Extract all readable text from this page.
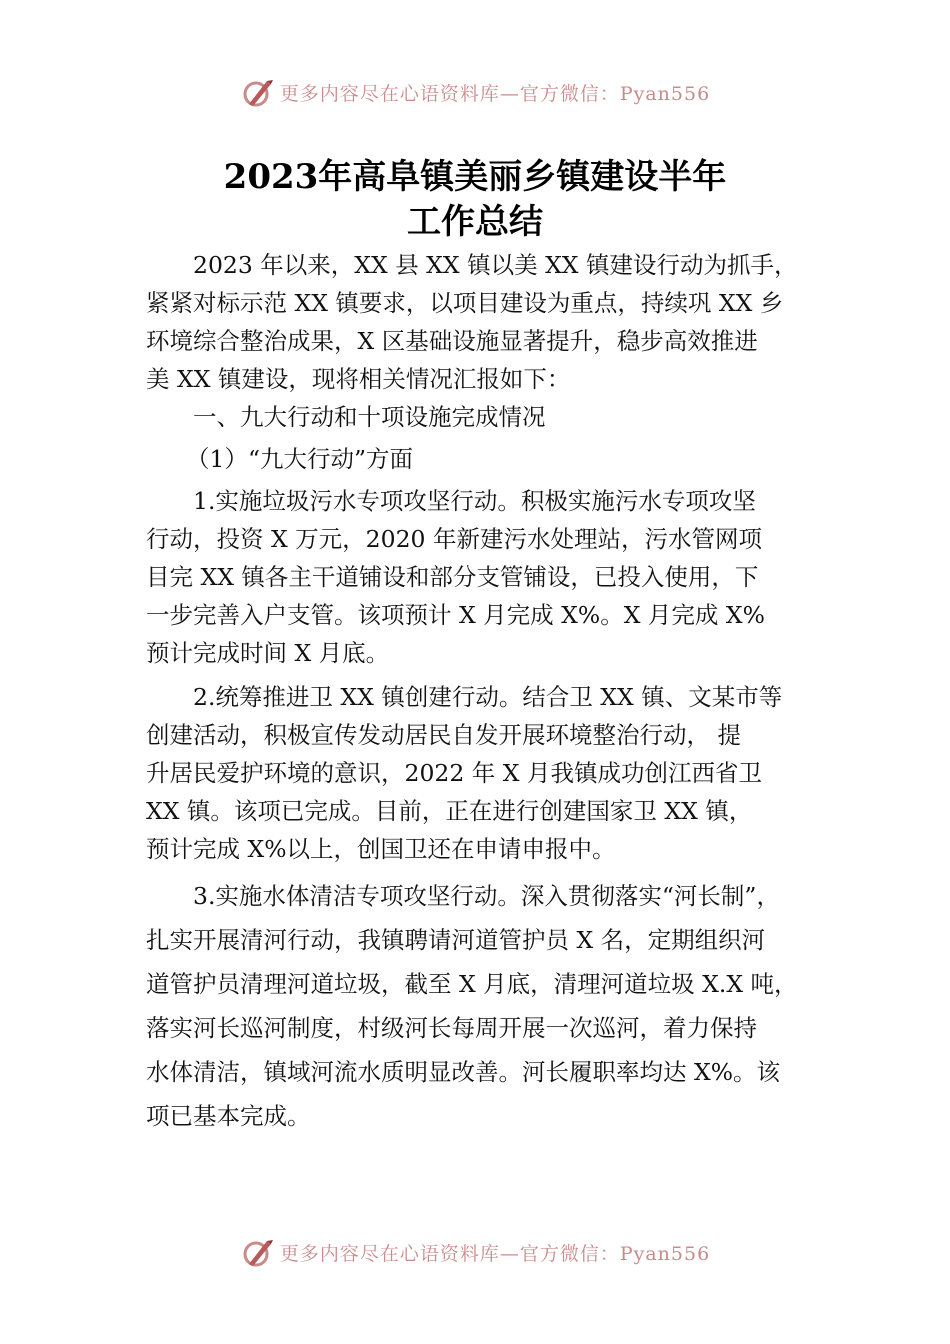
更多内容尽在心语资料库—官方微信：Pyan556
2023年高阜镇美丽乡镇建设半年
工作总结
2023 年以来，XX 县 XX 镇以美 XX 镇建设行动为抓手，
紧紧对标示范 XX 镇要求，以项目建设为重点，持续巩 XX 乡
环境综合整治成果，X 区基础设施显著提升，稳步高效推进
美 XX 镇建设，现将相关情况汇报如下：
一、九大行动和十项设施完成情况
（1）“九大行动”方面
1.实施垃圾污水专项攻坚行动。积极实施污水专项攻坚
行动，投资 X 万元，2020 年新建污水处理站，污水管网项
目完 XX 镇各主干道铺设和部分支管铺设，已投入使用，下
一步完善入户支管。该项预计 X 月完成 X%。X 月完成 X%
预计完成时间 X 月底。
2.统筹推进卫 XX 镇创建行动。结合卫 XX 镇、文某市等
创建活动，积极宣传发动居民自发开展环境整治行动， 提
升居民爱护环境的意识，2022 年 X 月我镇成功创江西省卫
XX 镇。该项已完成。目前，正在进行创建国家卫 XX 镇，
预计完成 X%以上，创国卫还在申请申报中。
3.实施水体清洁专项攻坚行动。深入贯彻落实“河长制”，
扎实开展清河行动，我镇聘请河道管护员 X 名，定期组织河
道管护员清理河道垃圾，截至 X 月底，清理河道垃圾 X.X 吨，
落实河长巡河制度，村级河长每周开展一次巡河，着力保持
水体清洁，镇域河流水质明显改善。河长履职率均达 X%。该
项已基本完成。
更多内容尽在心语资料库—官方微信：Pyan556
